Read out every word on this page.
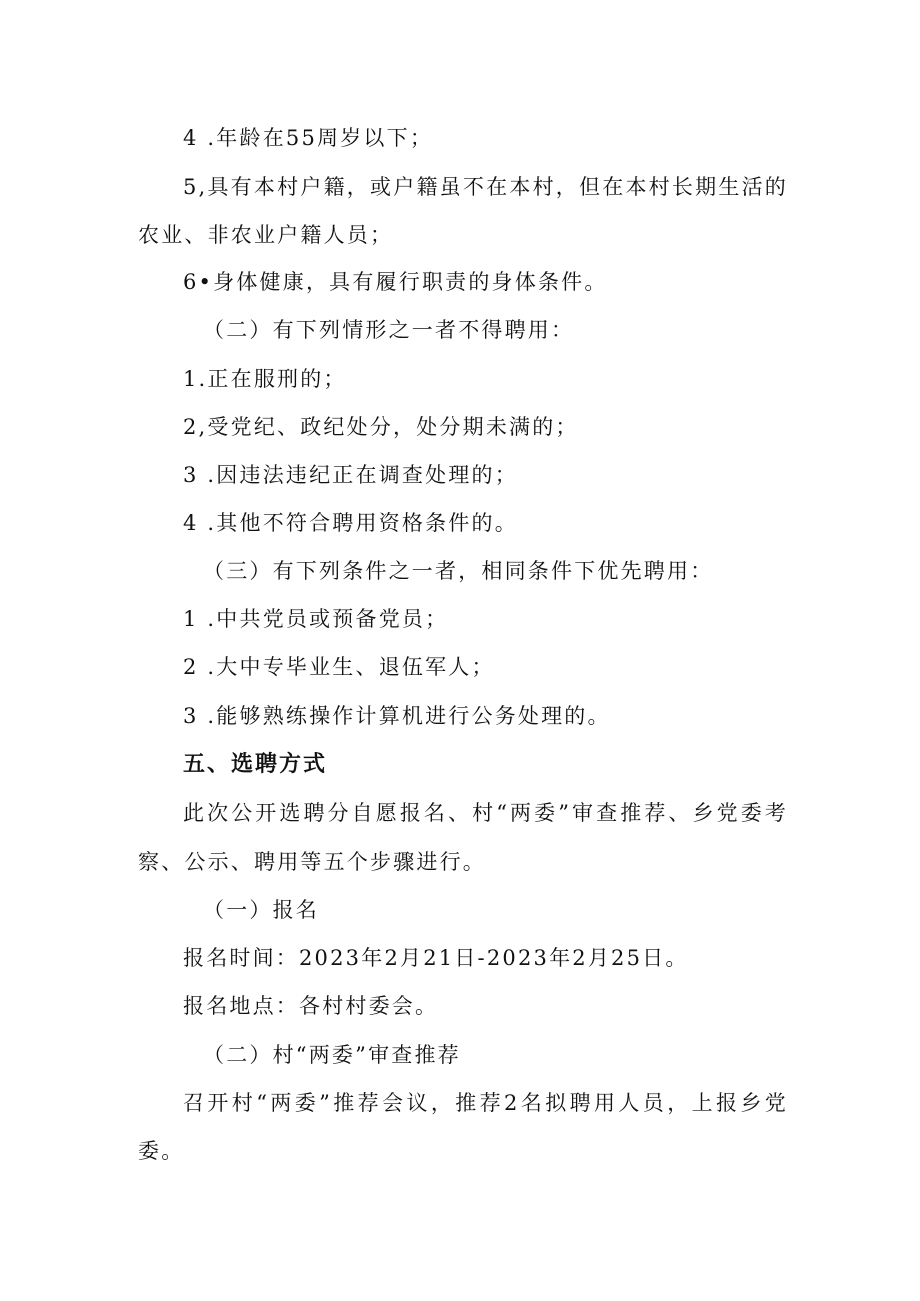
4 .年龄在55周岁以下；
5,具有本村户籍，或户籍虽不在本村，但在本村长期生活的
农业、非农业户籍人员；
6•身体健康，具有履行职责的身体条件。
（二）有下列情形之一者不得聘用：
1.正在服刑的；
2,受党纪、政纪处分，处分期未满的；
3 .因违法违纪正在调查处理的；
4 .其他不符合聘用资格条件的。
（三）有下列条件之一者，相同条件下优先聘用：
1 .中共党员或预备党员；
2 .大中专毕业生、退伍军人；
3 .能够熟练操作计算机进行公务处理的。
五、选聘方式
此次公开选聘分自愿报名、村“两委”审查推荐、乡党委考
察、公示、聘用等五个步骤进行。
（一）报名
报名时间：2023年2月21日-2023年2月25日。
报名地点：各村村委会。
（二）村“两委”审查推荐
召开村“两委”推荐会议，推荐2名拟聘用人员，上报乡党
委。
